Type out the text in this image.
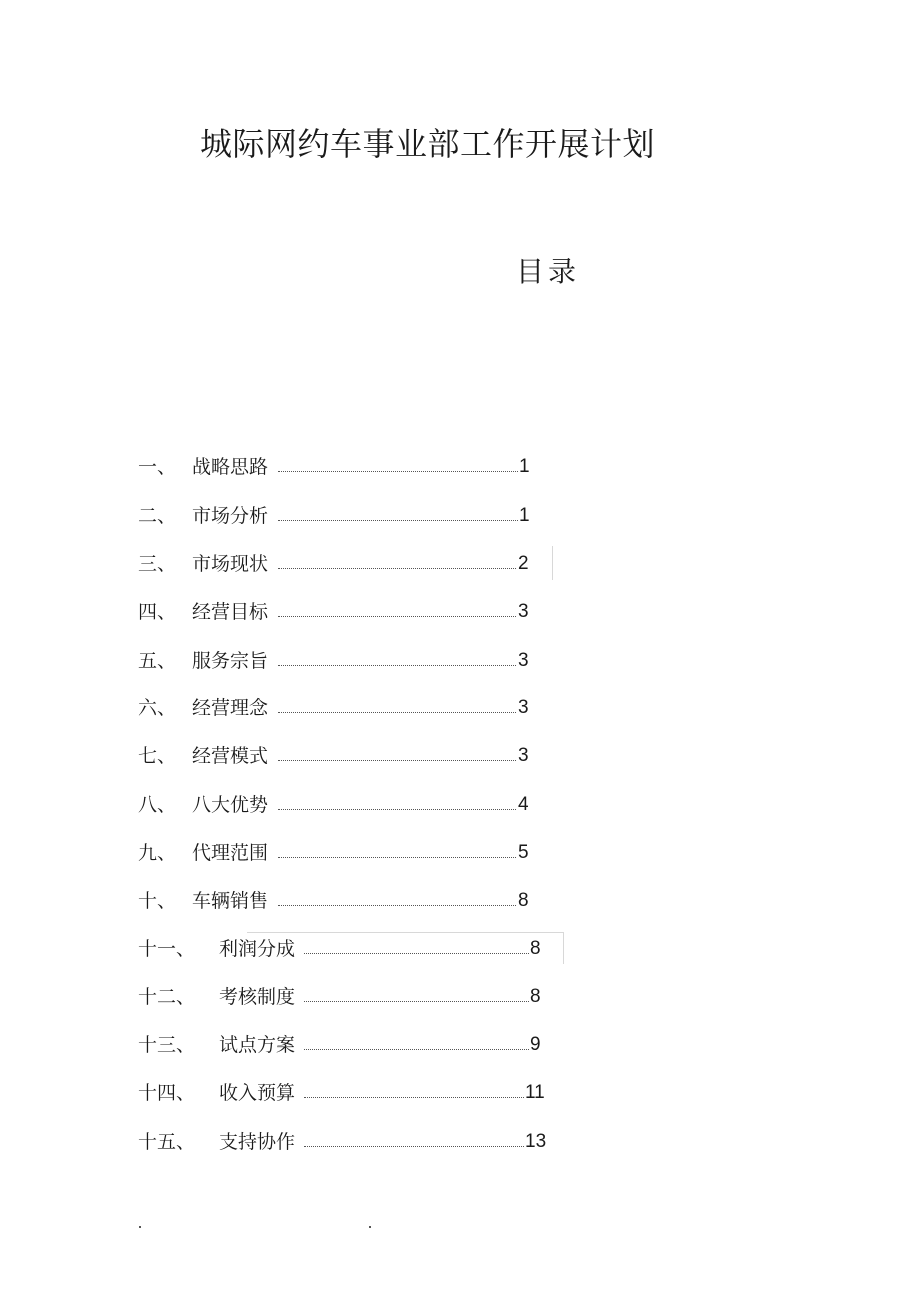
城际网约车事业部工作开展计划
目录
一、 战略思路	1
二、 市场分析	1
三、 市场现状	2
四、 经营目标	3
五、 服务宗旨	3
六、 经营理念	3
七、 经营模式	3
八、 八大优势	4
九、 代理范围	5
十、 车辆销售	8
十一、 利润分成	8
十二、 考核制度	8
十三、 试点方案	9
十四、 收入预算	11
十五、 支持协作	13
